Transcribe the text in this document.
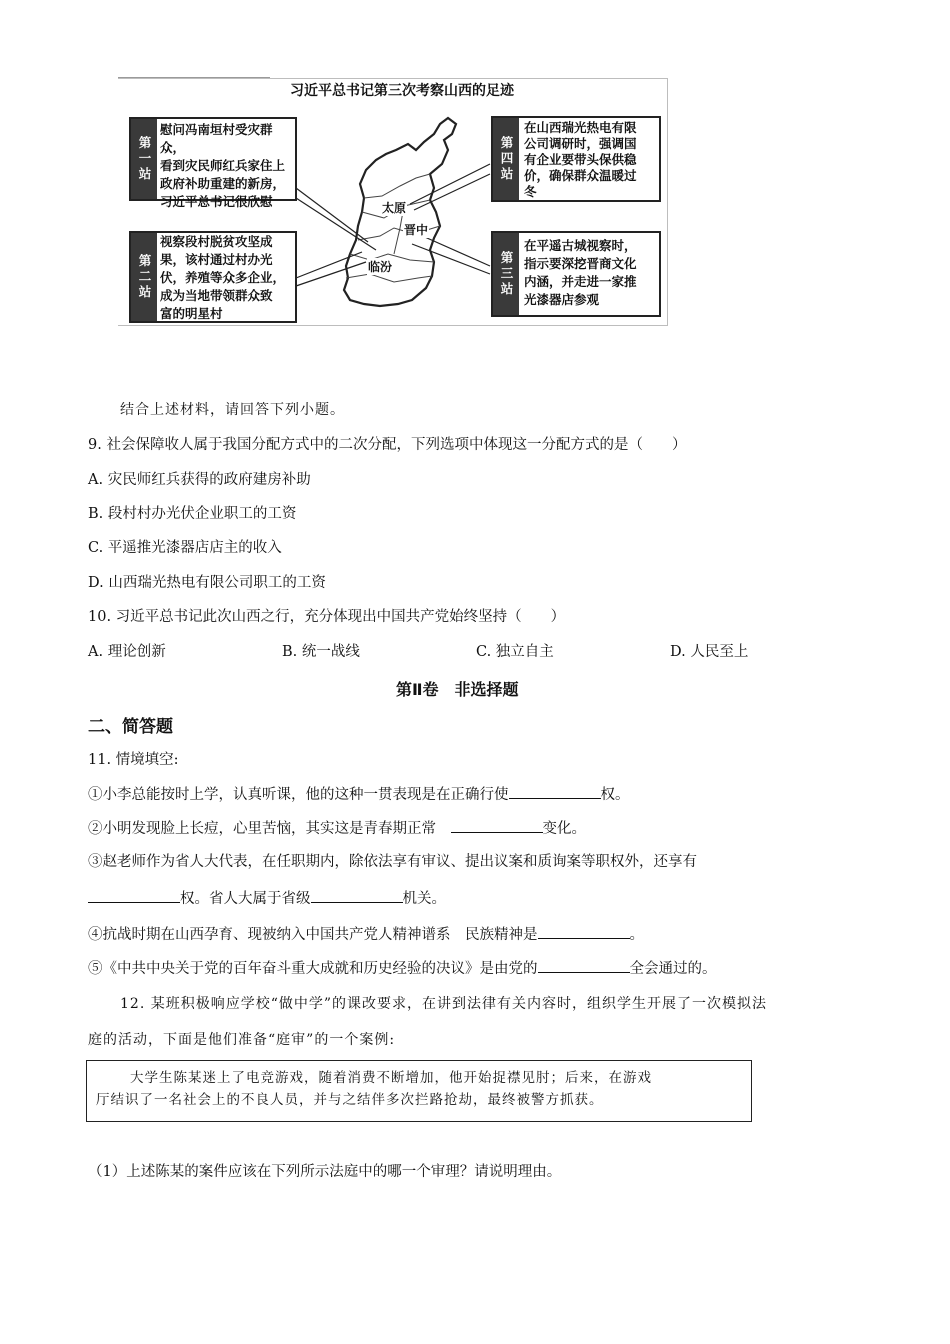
习近平总书记第三次考察山西的足迹
太原
晋中
临汾
第一站
慰问冯南垣村受灾群众，
看到灾民师红兵家住上
政府补助重建的新房，
习近平总书记很欣慰
第二站
视察段村脱贫攻坚成
果，该村通过村办光
伏，养殖等众多企业，
成为当地带领群众致
富的明星村
第四站
在山西瑞光热电有限
公司调研时，强调国
有企业要带头保供稳
价，确保群众温暖过
冬
第三站
在平遥古城视察时，
指示要深挖晋商文化
内涵，并走进一家推
光漆器店参观
结合上述材料，请回答下列小题。
9. 社会保障收人属于我国分配方式中的二次分配，下列选项中体现这一分配方式的是（　　）
A. 灾民师红兵获得的政府建房补助
B. 段村村办光伏企业职工的工资
C. 平遥推光漆器店店主的收入
D. 山西瑞光热电有限公司职工的工资
10. 习近平总书记此次山西之行，充分体现出中国共产党始终坚持（　　）
A. 理论创新	B. 统一战线	C. 独立自主	D. 人民至上
第Ⅱ卷　非选择题
二、简答题
11. 情境填空:
①小李总能按时上学，认真听课，他的这种一贯表现是在正确行使	权。
②小明发现脸上长痘，心里苦恼，其实这是青春期正常　	变化。
③赵老师作为省人大代表，在任职期内，除依法享有审议、提出议案和质询案等职权外，还享有
权。省人大属于省级	机关。
④抗战时期在山西孕育、现被纳入中国共产党人精神谱系　民族精神是	。
⑤《中共中央关于党的百年奋斗重大成就和历史经验的决议》是由党的	全会通过的。
12. 某班积极响应学校“做中学”的课改要求，在讲到法律有关内容时，组织学生开展了一次模拟法
庭的活动，下面是他们准备“庭审”的一个案例:
大学生陈某迷上了电竞游戏，随着消费不断增加，他开始捉襟见肘；后来，在游戏
厅结识了一名社会上的不良人员，并与之结伴多次拦路抢劫，最终被警方抓获。
（1）上述陈某的案件应该在下列所示法庭中的哪一个审理？请说明理由。
